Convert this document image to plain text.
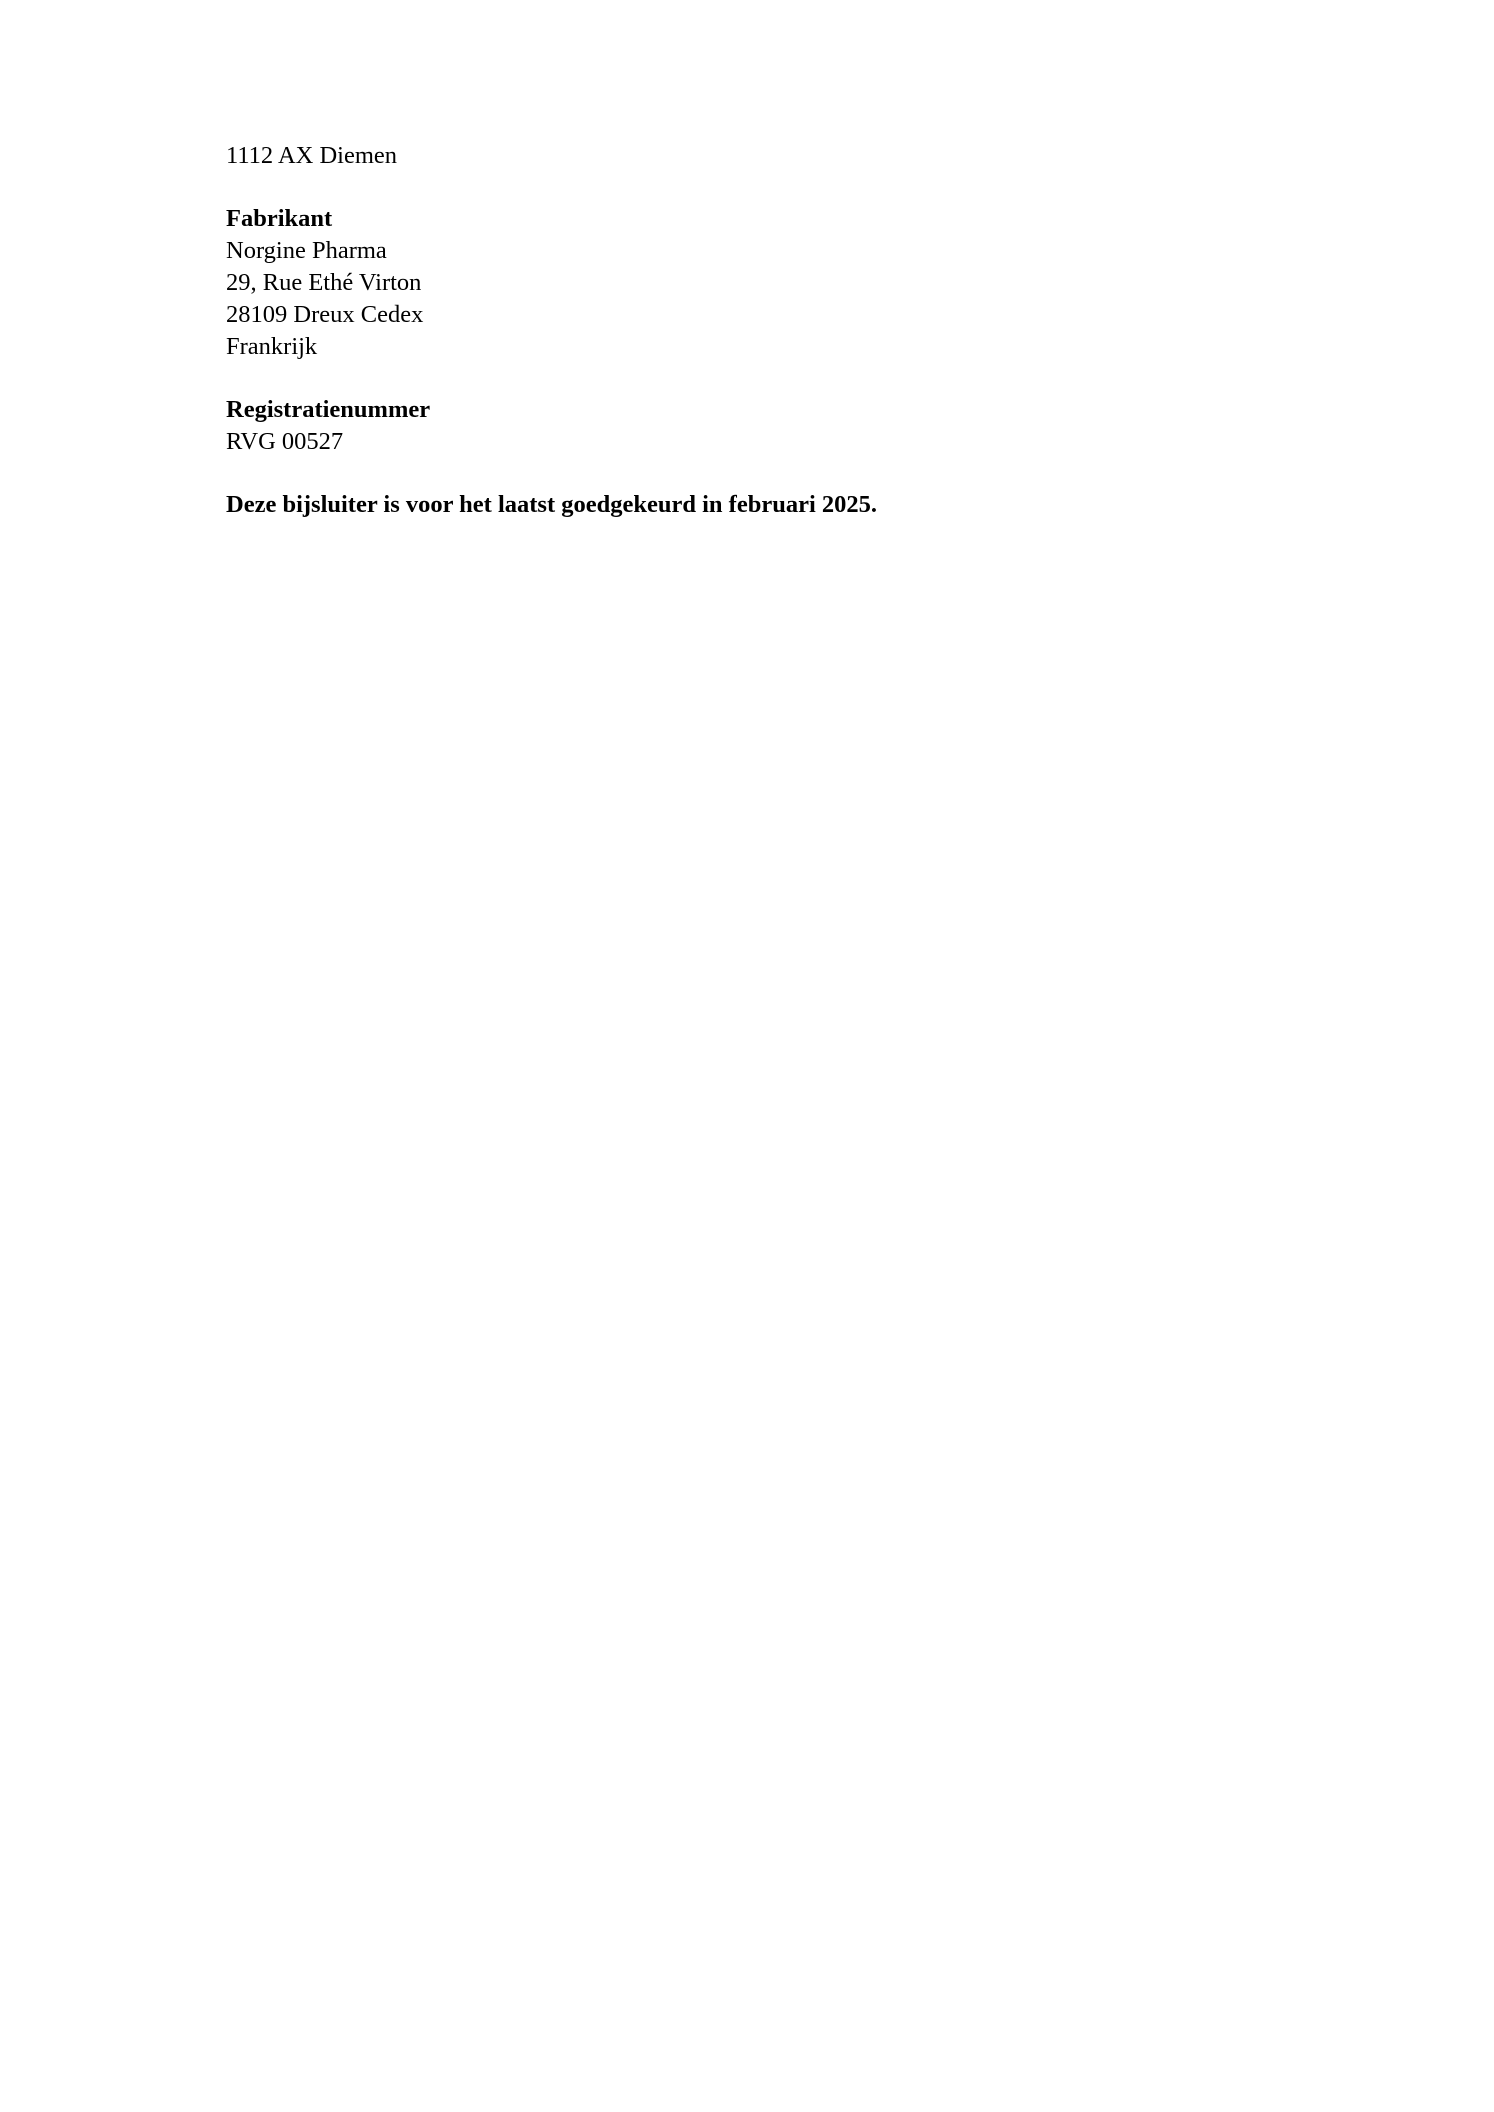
1112 AX Diemen
Fabrikant
Norgine Pharma
29, Rue Ethé Virton
28109 Dreux Cedex
Frankrijk
Registratienummer
RVG 00527
Deze bijsluiter is voor het laatst goedgekeurd in februari 2025.
